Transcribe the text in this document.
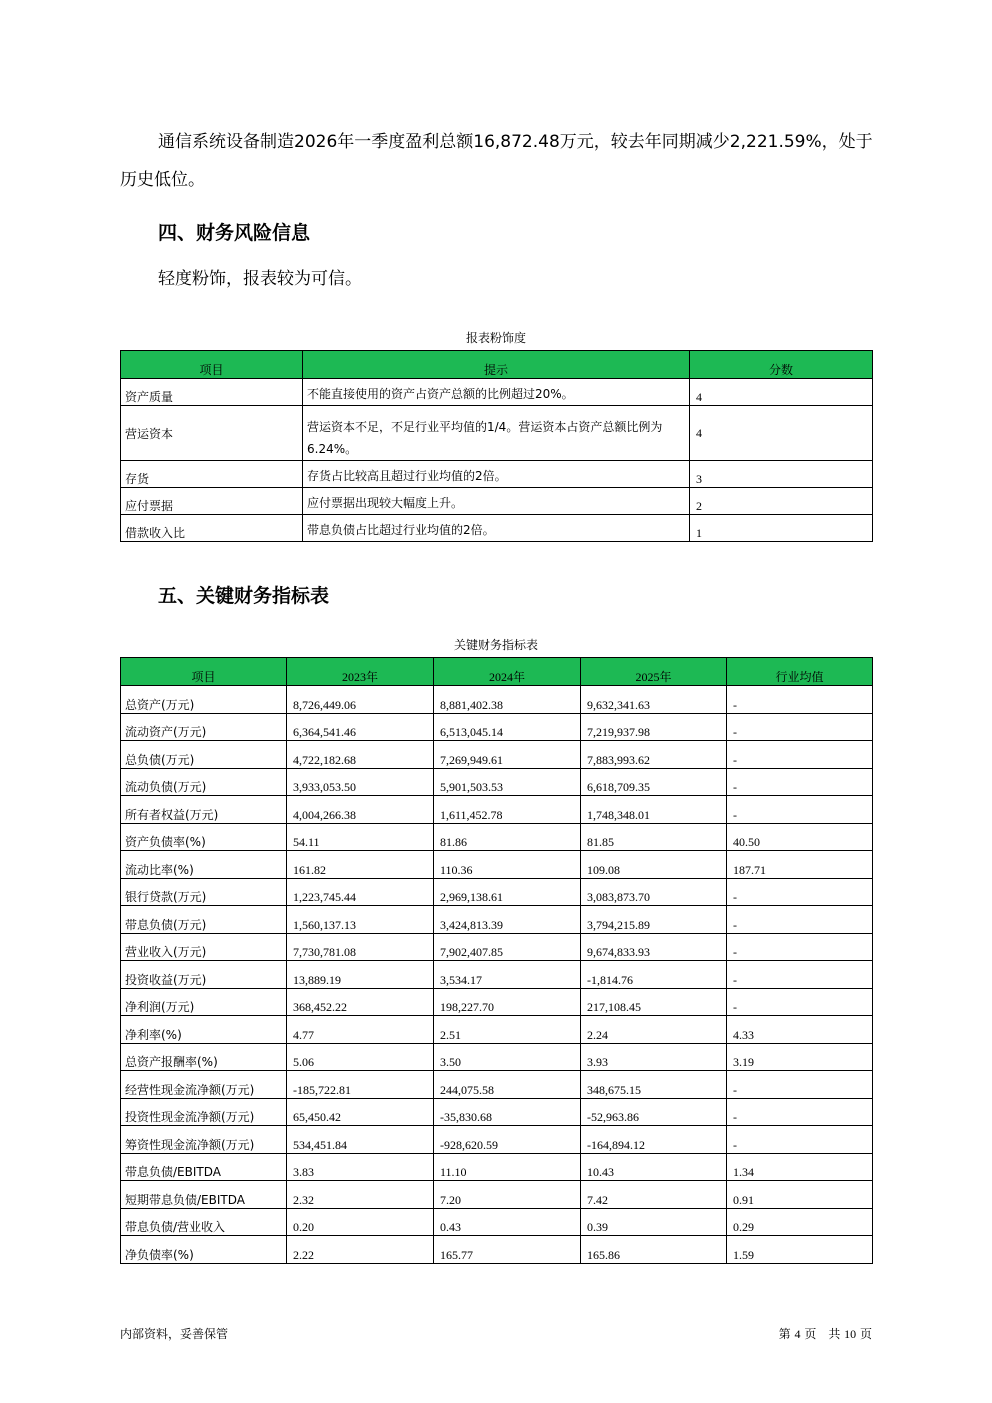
通信系统设备制造2026年一季度盈利总额16,872.48万元，较去年同期减少2,221.59%，处于历史低位。
四、财务风险信息
轻度粉饰，报表较为可信。
报表粉饰度
项目	提示	分数
资产质量	不能直接使用的资产占资产总额的比例超过20%。	4
营运资本	营运资本不足，不足行业平均值的1/4。营运资本占资产总额比例为6.24%。	4
存货	存货占比较高且超过行业均值的2倍。	3
应付票据	应付票据出现较大幅度上升。	2
借款收入比	带息负债占比超过行业均值的2倍。	1
五、关键财务指标表
关键财务指标表
项目	2023年	2024年	2025年	行业均值
总资产(万元)	8,726,449.06	8,881,402.38	9,632,341.63	-
流动资产(万元)	6,364,541.46	6,513,045.14	7,219,937.98	-
总负债(万元)	4,722,182.68	7,269,949.61	7,883,993.62	-
流动负债(万元)	3,933,053.50	5,901,503.53	6,618,709.35	-
所有者权益(万元)	4,004,266.38	1,611,452.78	1,748,348.01	-
资产负债率(%)	54.11	81.86	81.85	40.50
流动比率(%)	161.82	110.36	109.08	187.71
银行贷款(万元)	1,223,745.44	2,969,138.61	3,083,873.70	-
带息负债(万元)	1,560,137.13	3,424,813.39	3,794,215.89	-
营业收入(万元)	7,730,781.08	7,902,407.85	9,674,833.93	-
投资收益(万元)	13,889.19	3,534.17	-1,814.76	-
净利润(万元)	368,452.22	198,227.70	217,108.45	-
净利率(%)	4.77	2.51	2.24	4.33
总资产报酬率(%)	5.06	3.50	3.93	3.19
经营性现金流净额(万元)	-185,722.81	244,075.58	348,675.15	-
投资性现金流净额(万元)	65,450.42	-35,830.68	-52,963.86	-
筹资性现金流净额(万元)	534,451.84	-928,620.59	-164,894.12	-
带息负债/EBITDA	3.83	11.10	10.43	1.34
短期带息负债/EBITDA	2.32	7.20	7.42	0.91
带息负债/营业收入	0.20	0.43	0.39	0.29
净负债率(%)	2.22	165.77	165.86	1.59
内部资料，妥善保管	第 4 页　共 10 页
